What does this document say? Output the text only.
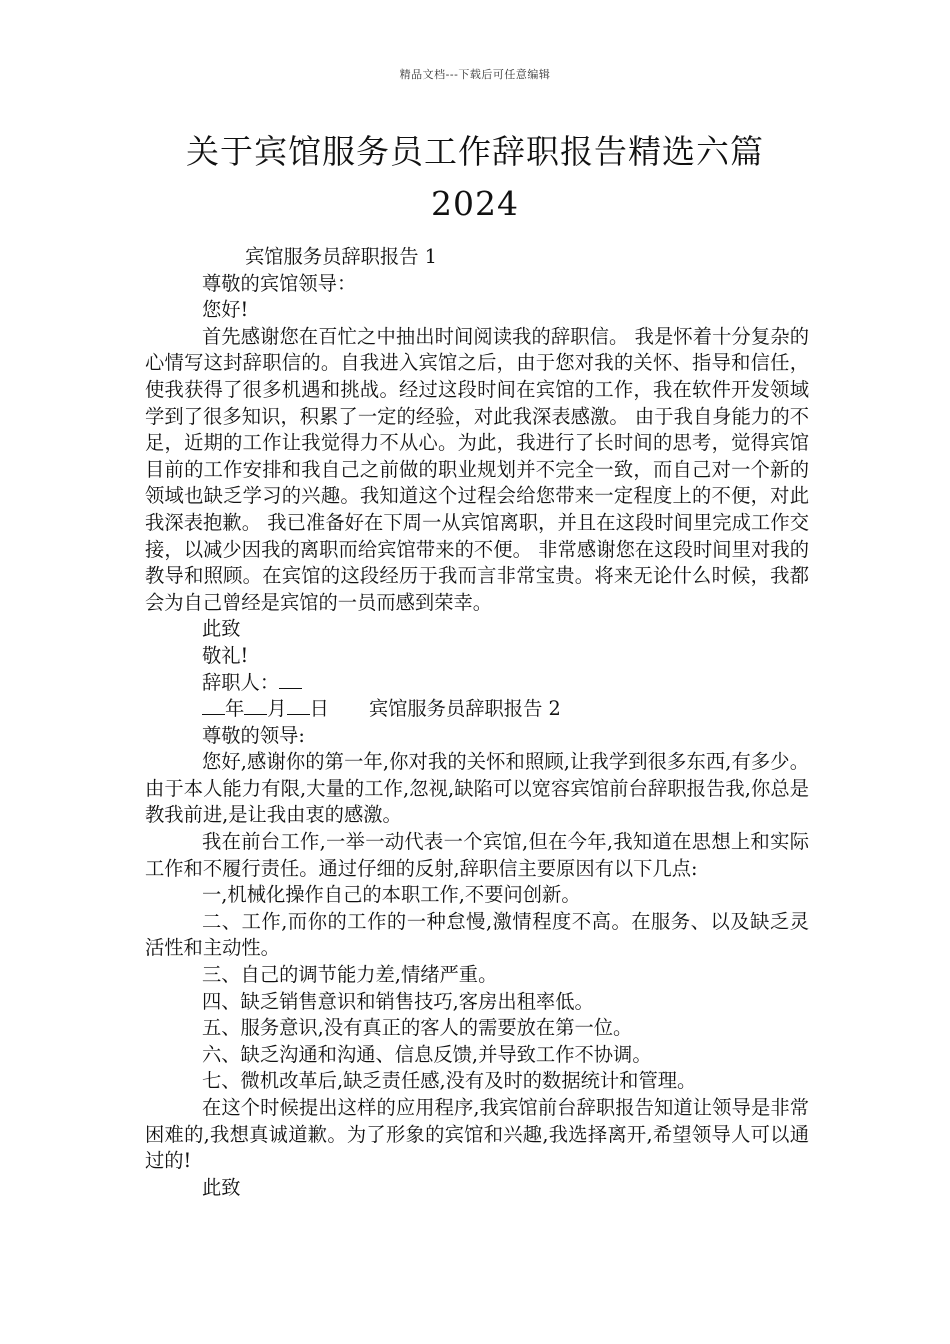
精品文档---下载后可任意编辑
关于宾馆服务员工作辞职报告精选六篇
2024

宾馆服务员辞职报告 1

尊敬的宾馆领导：

您好!

首先感谢您在百忙之中抽出时间阅读我的辞职信。 我是怀着十分复杂的心情写这封辞职信的。自我进入宾馆之后，由于您对我的关怀、指导和信任，使我获得了很多机遇和挑战。经过这段时间在宾馆的工作，我在软件开发领域学到了很多知识，积累了一定的经验，对此我深表感激。 由于我自身能力的不足，近期的工作让我觉得力不从心。为此，我进行了长时间的思考，觉得宾馆目前的工作安排和我自己之前做的职业规划并不完全一致，而自己对一个新的领域也缺乏学习的兴趣。我知道这个过程会给您带来一定程度上的不便，对此我深表抱歉。 我已准备好在下周一从宾馆离职，并且在这段时间里完成工作交接，以减少因我的离职而给宾馆带来的不便。 非常感谢您在这段时间里对我的教导和照顾。在宾馆的这段经历于我而言非常宝贵。将来无论什么时候，我都会为自己曾经是宾馆的一员而感到荣幸。

此致

敬礼!

辞职人：

年 月 日 宾馆服务员辞职报告 2

尊敬的领导:

您好,感谢你的第一年,你对我的关怀和照顾,让我学到很多东西,有多少。由于本人能力有限,大量的工作,忽视,缺陷可以宽容宾馆前台辞职报告我,你总是教我前进,是让我由衷的感激。

我在前台工作,一举一动代表一个宾馆,但在今年,我知道在思想上和实际工作和不履行责任。通过仔细的反射,辞职信主要原因有以下几点:

一,机械化操作自己的本职工作,不要问创新。

二、工作,而你的工作的一种怠慢,激情程度不高。在服务、以及缺乏灵活性和主动性。

三、自己的调节能力差,情绪严重。

四、缺乏销售意识和销售技巧,客房出租率低。

五、服务意识,没有真正的客人的需要放在第一位。

六、缺乏沟通和沟通、信息反馈,并导致工作不协调。

七、微机改革后,缺乏责任感,没有及时的数据统计和管理。

在这个时候提出这样的应用程序,我宾馆前台辞职报告知道让领导是非常困难的,我想真诚道歉。为了形象的宾馆和兴趣,我选择离开,希望领导人可以通过的!

此致
